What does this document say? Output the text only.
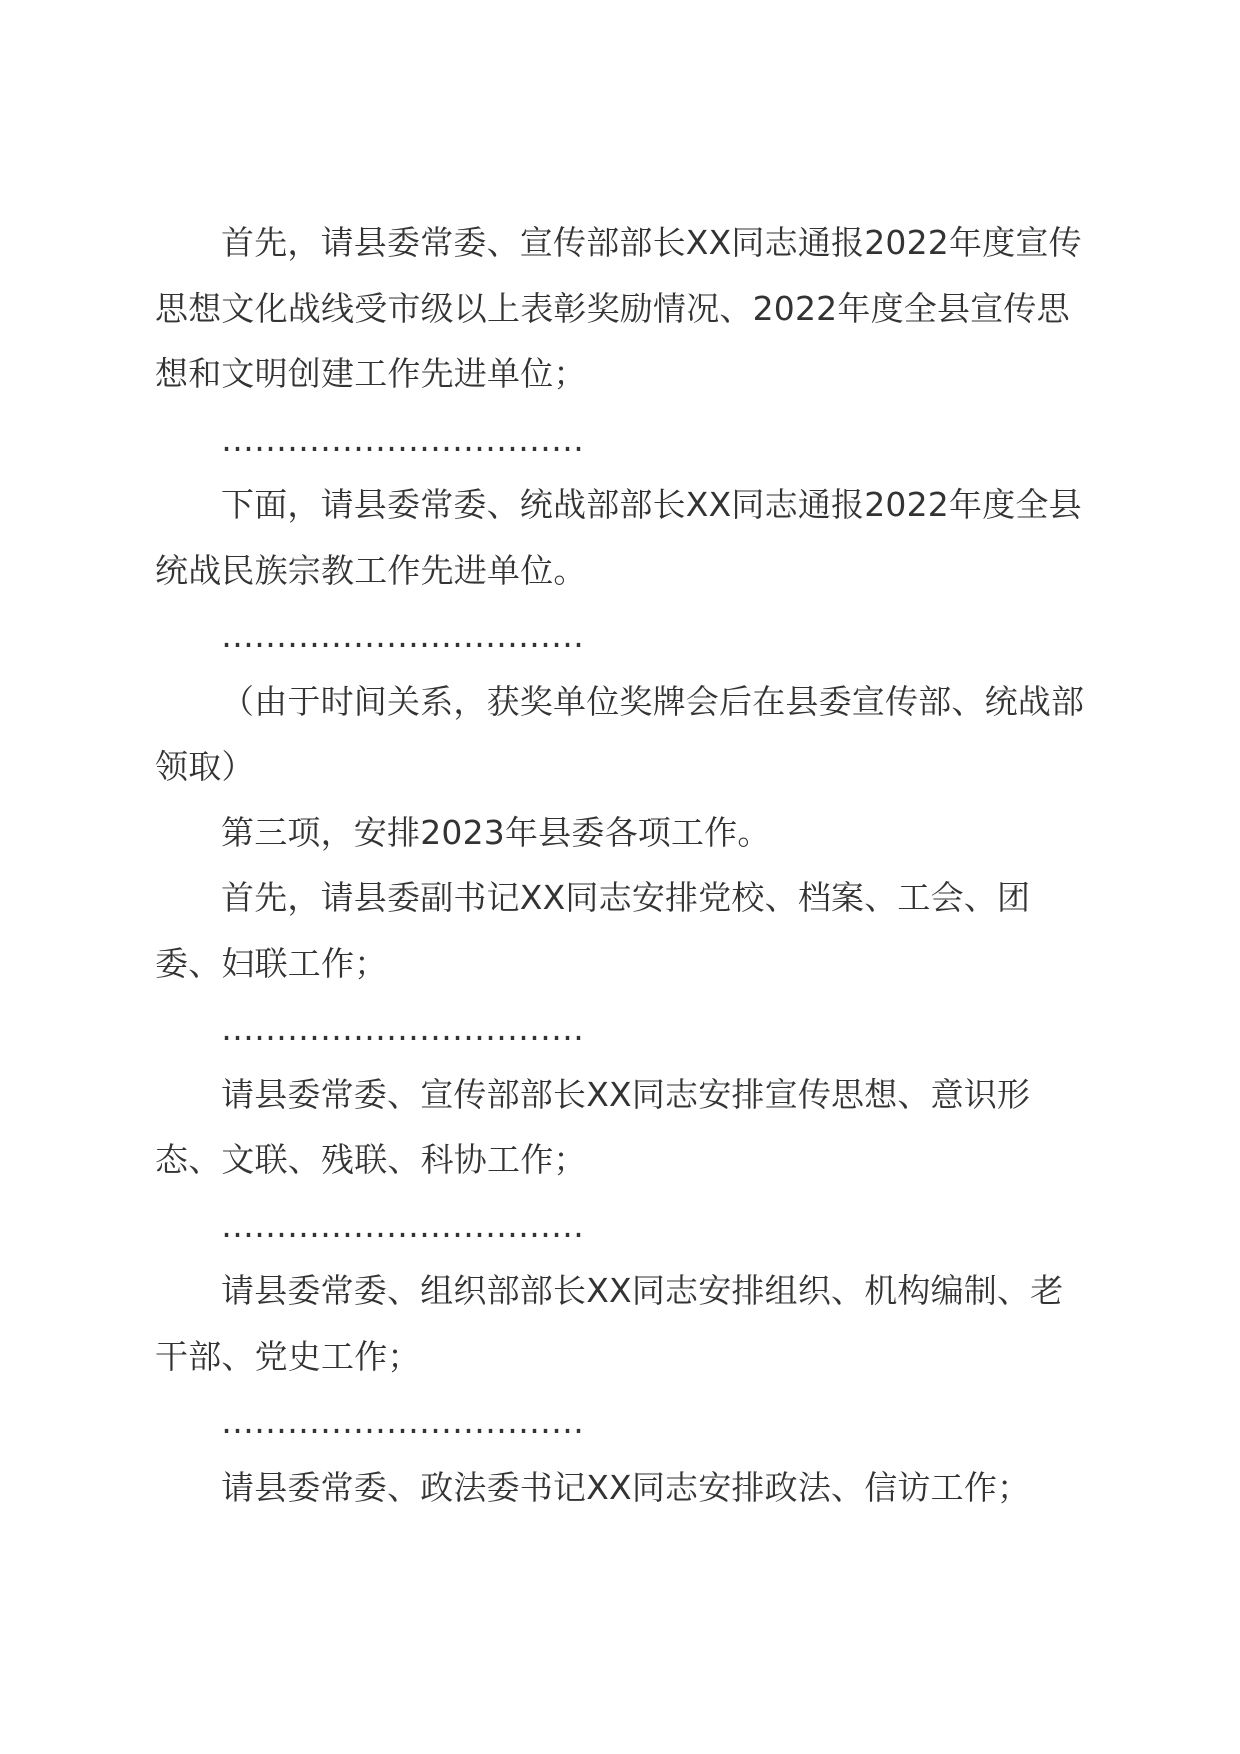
首先，请县委常委、宣传部部长XX同志通报2022年度宣传思想文化战线受市级以上表彰奖励情况、2022年度全县宣传思想和文明创建工作先进单位；

……………………………

下面，请县委常委、统战部部长XX同志通报2022年度全县统战民族宗教工作先进单位。

……………………………

（由于时间关系，获奖单位奖牌会后在县委宣传部、统战部领取）

第三项，安排2023年县委各项工作。

首先，请县委副书记XX同志安排党校、档案、工会、团委、妇联工作；

……………………………

请县委常委、宣传部部长XX同志安排宣传思想、意识形态、文联、残联、科协工作；

……………………………

请县委常委、组织部部长XX同志安排组织、机构编制、老干部、党史工作；

……………………………

请县委常委、政法委书记XX同志安排政法、信访工作；
